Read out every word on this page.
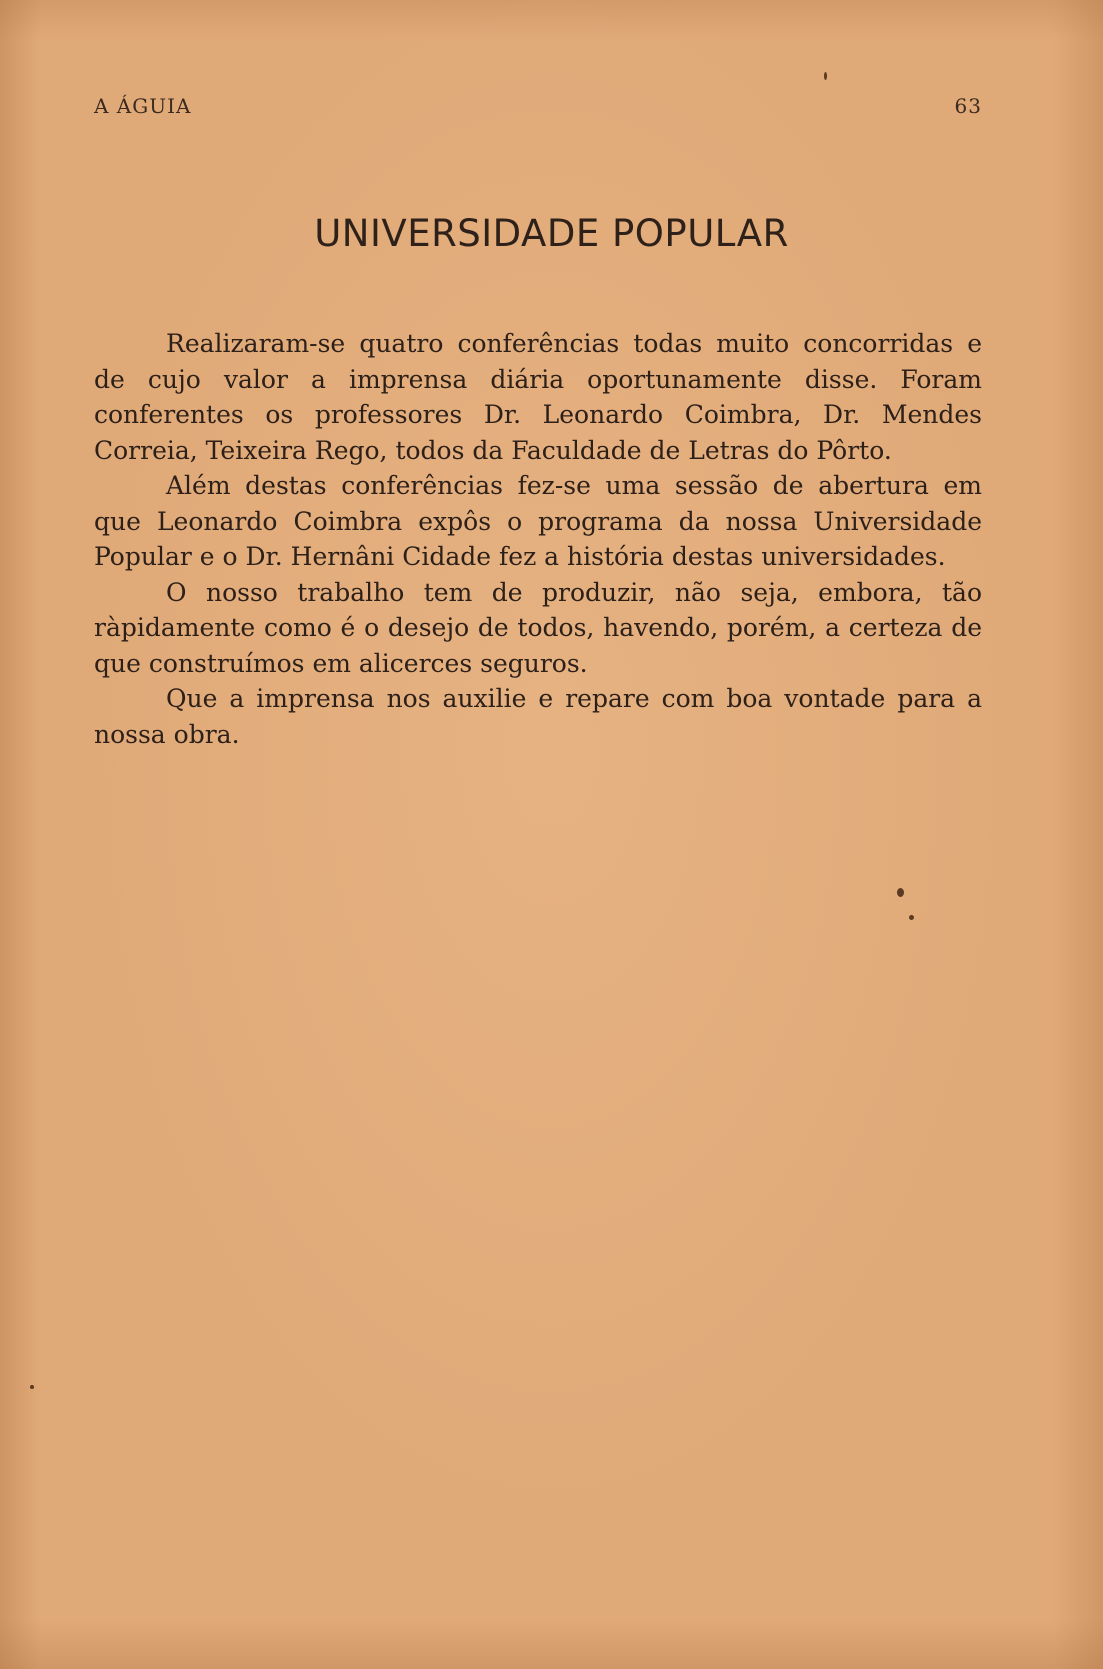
A ÁGUIA	63
UNIVERSIDADE POPULAR

Realizaram-se quatro conferências todas muito concorridas e de cujo valor a imprensa diária oportunamente disse. Foram conferentes os professores Dr. Leonardo Coimbra, Dr. Mendes Correia, Teixeira Rego, todos da Faculdade de Letras do Pôrto.

Além destas conferências fez-se uma sessão de abertura em que Leonardo Coimbra expôs o programa da nossa Universidade Popular e o Dr. Hernâni Cidade fez a história destas universidades.

O nosso trabalho tem de produzir, não seja, embora, tão ràpidamente como é o desejo de todos, havendo, porém, a certeza de que construímos em alicerces seguros.

Que a imprensa nos auxilie e repare com boa vontade para a nossa obra.
